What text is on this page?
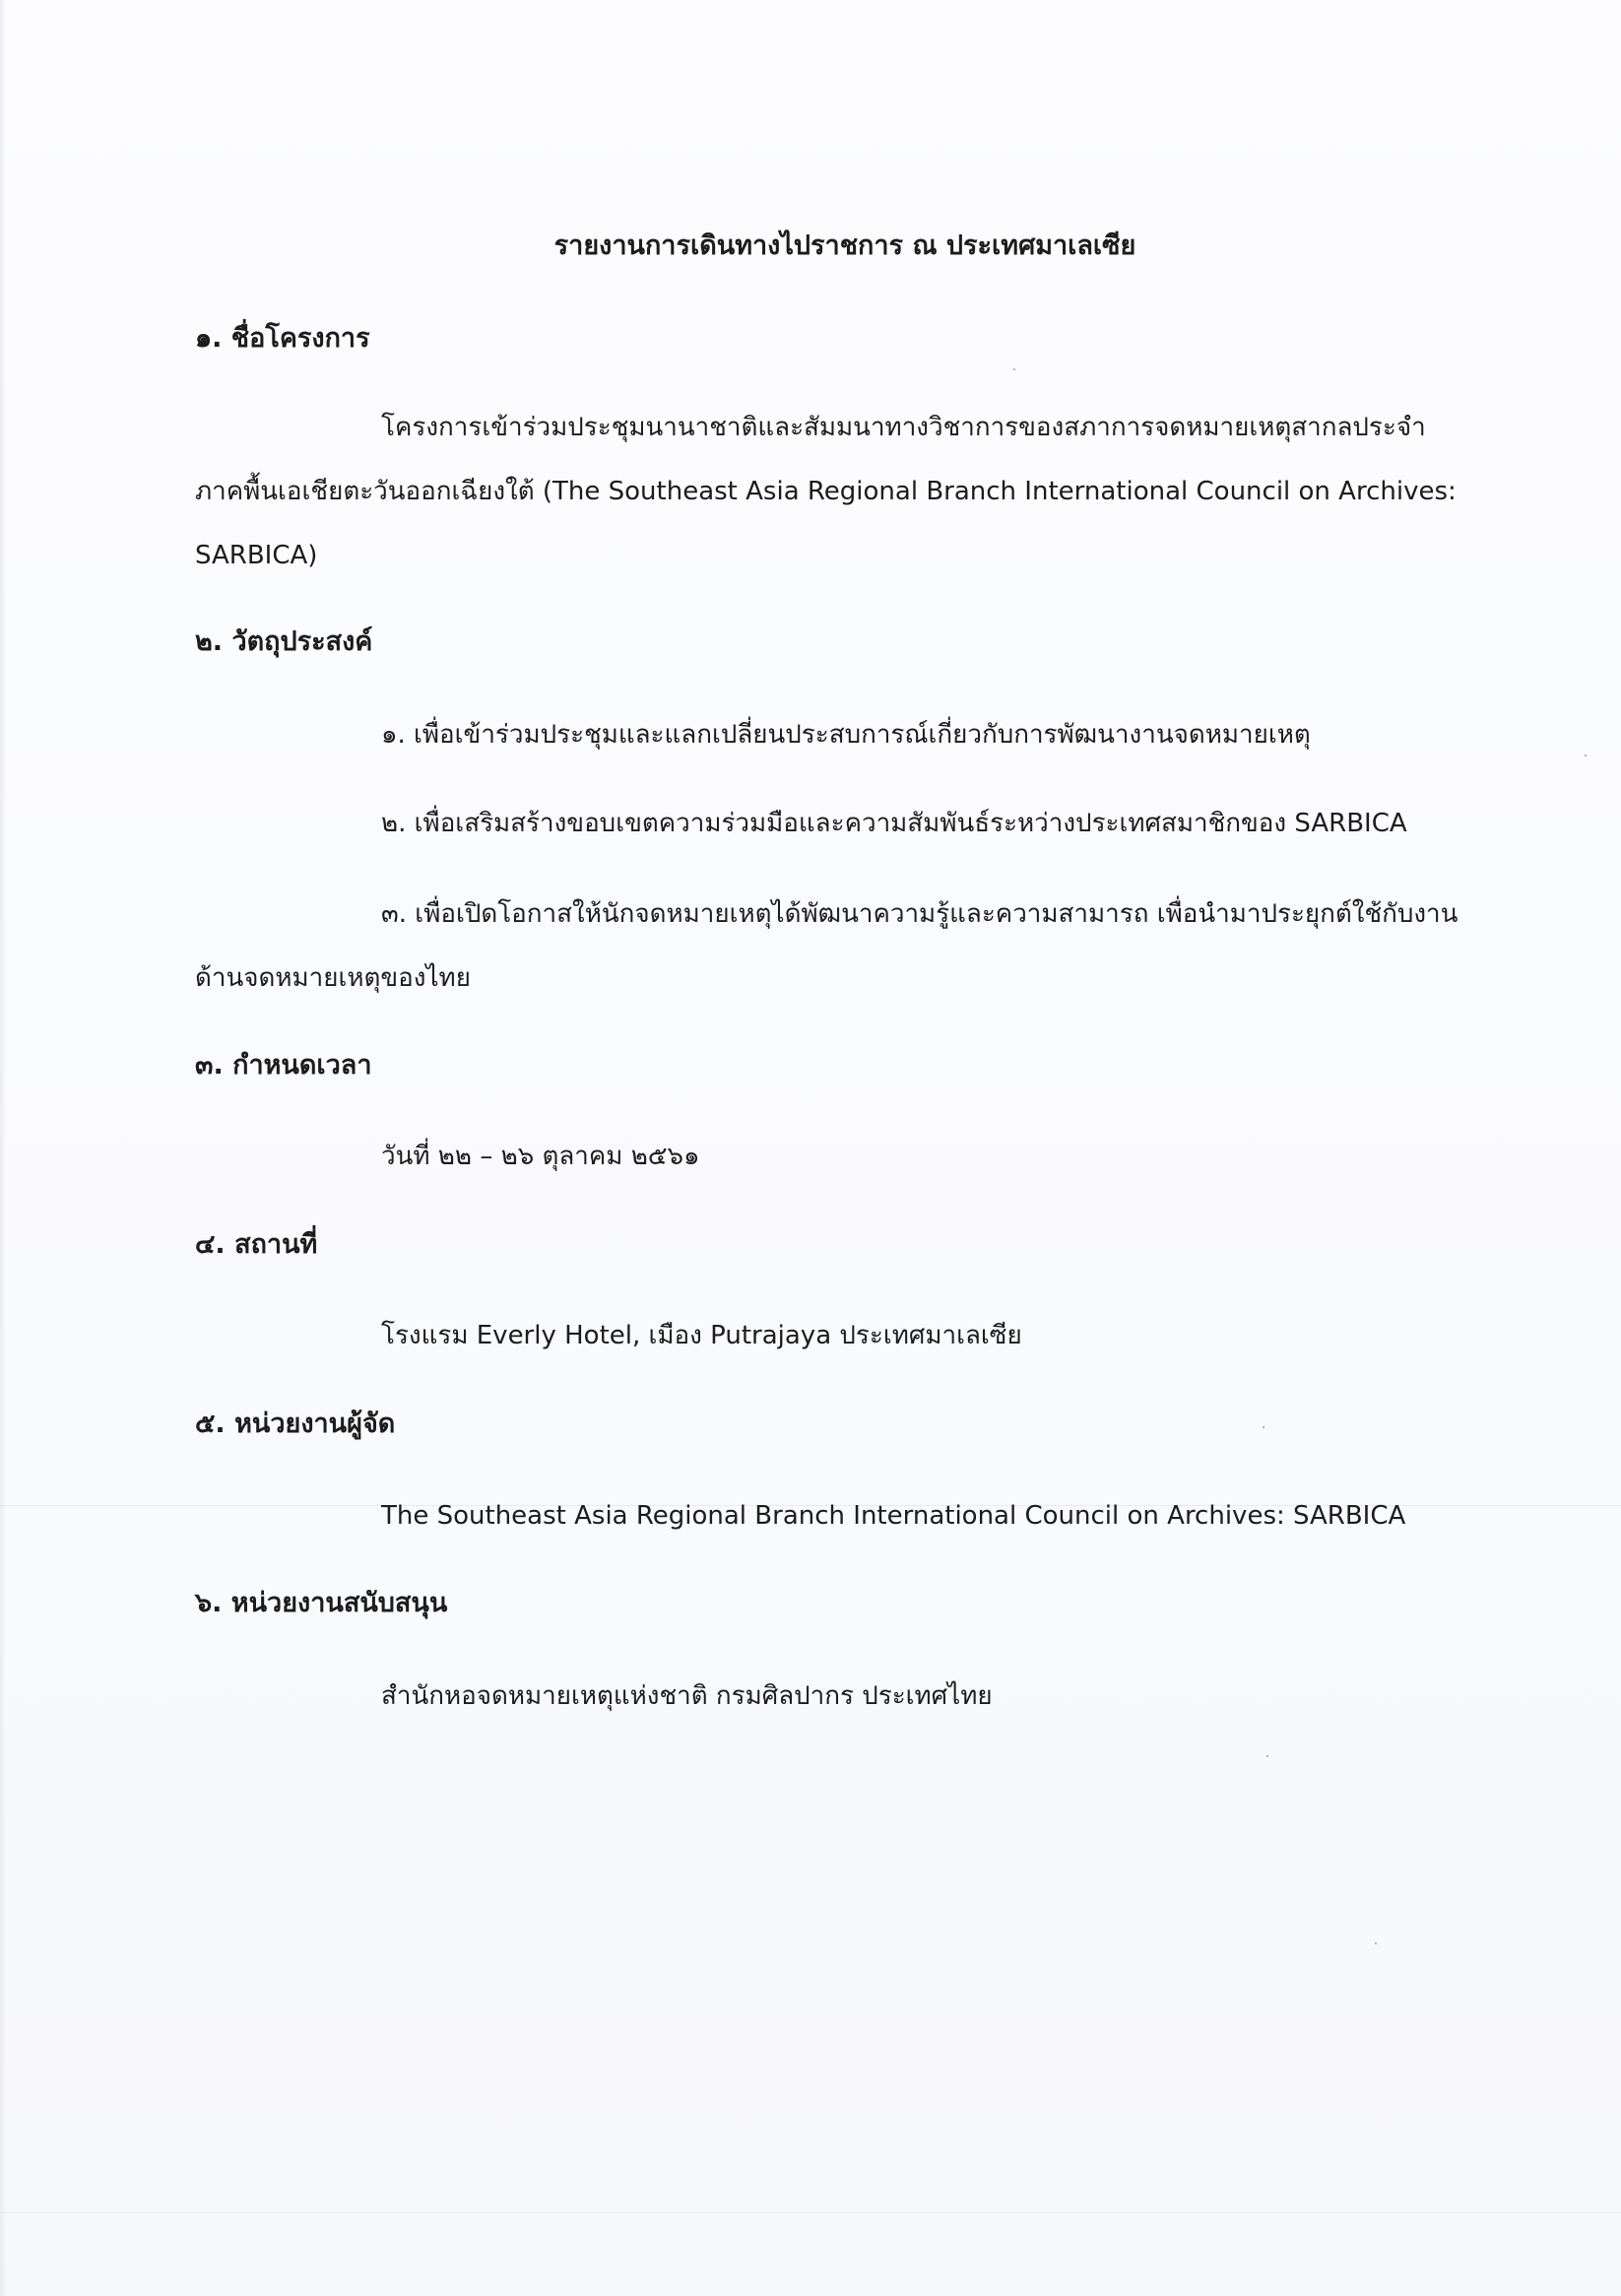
รายงานการเดินทางไปราชการ ณ ประเทศมาเลเซีย
๑. ชื่อโครงการ
โครงการเข้าร่วมประชุมนานาชาติและสัมมนาทางวิชาการของสภาการจดหมายเหตุสากลประจำ
ภาคพื้นเอเชียตะวันออกเฉียงใต้ (The Southeast Asia Regional Branch International Council on Archives:
SARBICA)
๒. วัตถุประสงค์
๑. เพื่อเข้าร่วมประชุมและแลกเปลี่ยนประสบการณ์เกี่ยวกับการพัฒนางานจดหมายเหตุ
๒. เพื่อเสริมสร้างขอบเขตความร่วมมือและความสัมพันธ์ระหว่างประเทศสมาชิกของ SARBICA
๓. เพื่อเปิดโอกาสให้นักจดหมายเหตุได้พัฒนาความรู้และความสามารถ เพื่อนำมาประยุกต์ใช้กับงาน
ด้านจดหมายเหตุของไทย
๓. กำหนดเวลา
วันที่ ๒๒ – ๒๖ ตุลาคม ๒๕๖๑
๔. สถานที่
โรงแรม Everly Hotel, เมือง Putrajaya ประเทศมาเลเซีย
๕. หน่วยงานผู้จัด
The Southeast Asia Regional Branch International Council on Archives: SARBICA
๖. หน่วยงานสนับสนุน
สำนักหอจดหมายเหตุแห่งชาติ กรมศิลปากร ประเทศไทย
